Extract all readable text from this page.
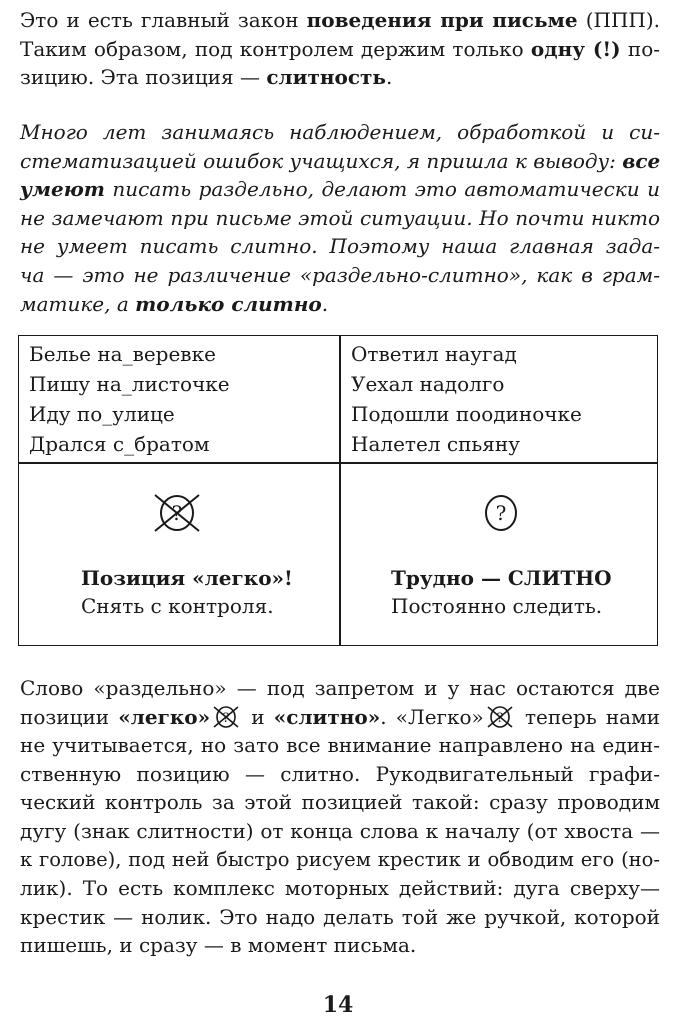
Это и есть главный закон поведения при письме (ППП).
Таким образом, под контролем держим только одну (!) по-
зицию. Эта позиция — слитность.
Много лет занимаясь наблюдением, обработкой и си-
стематизацией ошибок учащихся, я пришла к выводу: все
умеют писать раздельно, делают это автоматически и
не замечают при письме этой ситуации. Но почти никто
не умеет писать слитно. Поэтому наша главная зада-
ча — это не различение «раздельно-слитно», как в грам-
матике, а только слитно.
Белье на_веревке
Пишу на_листочке
Иду по_улице
Дрался с_братом
Ответил наугад
Уехал надолго
Подошли поодиночке
Налетел спьяну
?	?
Позиция «легко»!
Снять с контроля.
Трудно — СЛИТНО
Постоянно следить.
Слово «раздельно» — под запретом и у нас остаются две
позиции «легко» ? и «слитно». «Легко» ? теперь нами
не учитывается, но зато все внимание направлено на един-
ственную позицию — слитно. Рукодвигательный графи-
ческий контроль за этой позицией такой: сразу проводим
дугу (знак слитности) от конца слова к началу (от хвоста —
к голове), под ней быстро рисуем крестик и обводим его (но-
лик). То есть комплекс моторных действий: дуга сверху—
крестик — нолик. Это надо делать той же ручкой, которой
пишешь, и сразу — в момент письма.
14
